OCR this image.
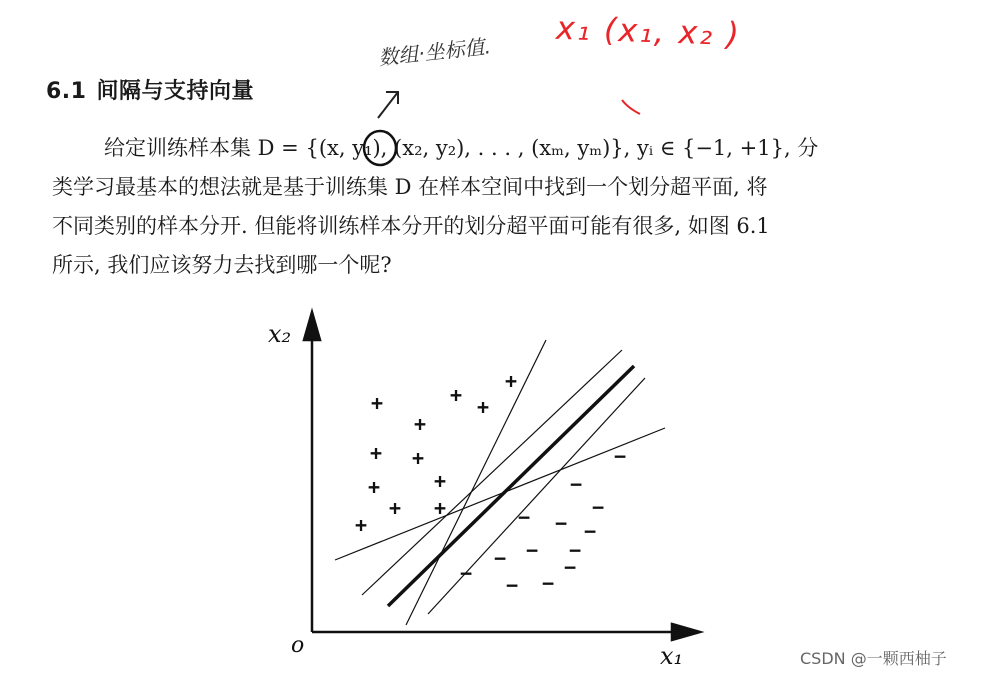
数组·坐标值. x₁ (x₁, x₂ )
6.1 间隔与支持向量
给定训练样本集 D = {(x, y₁), (x₂, y₂), . . . , (xₘ, yₘ)}, yᵢ ∈ {−1, +1}, 分
类学习最基本的想法就是基于训练集 D 在样本空间中找到一个划分超平面, 将
不同类别的样本分开. 但能将训练样本分开的划分超平面可能有很多, 如图 6.1
所示, 我们应该努力去找到哪一个呢?
x₂
x₁
o
+	+
+
+
+
+ +
+
+
+ +
+
−
−
−
− − −
− −
−	−
− − −
CSDN @一颗西柚子
